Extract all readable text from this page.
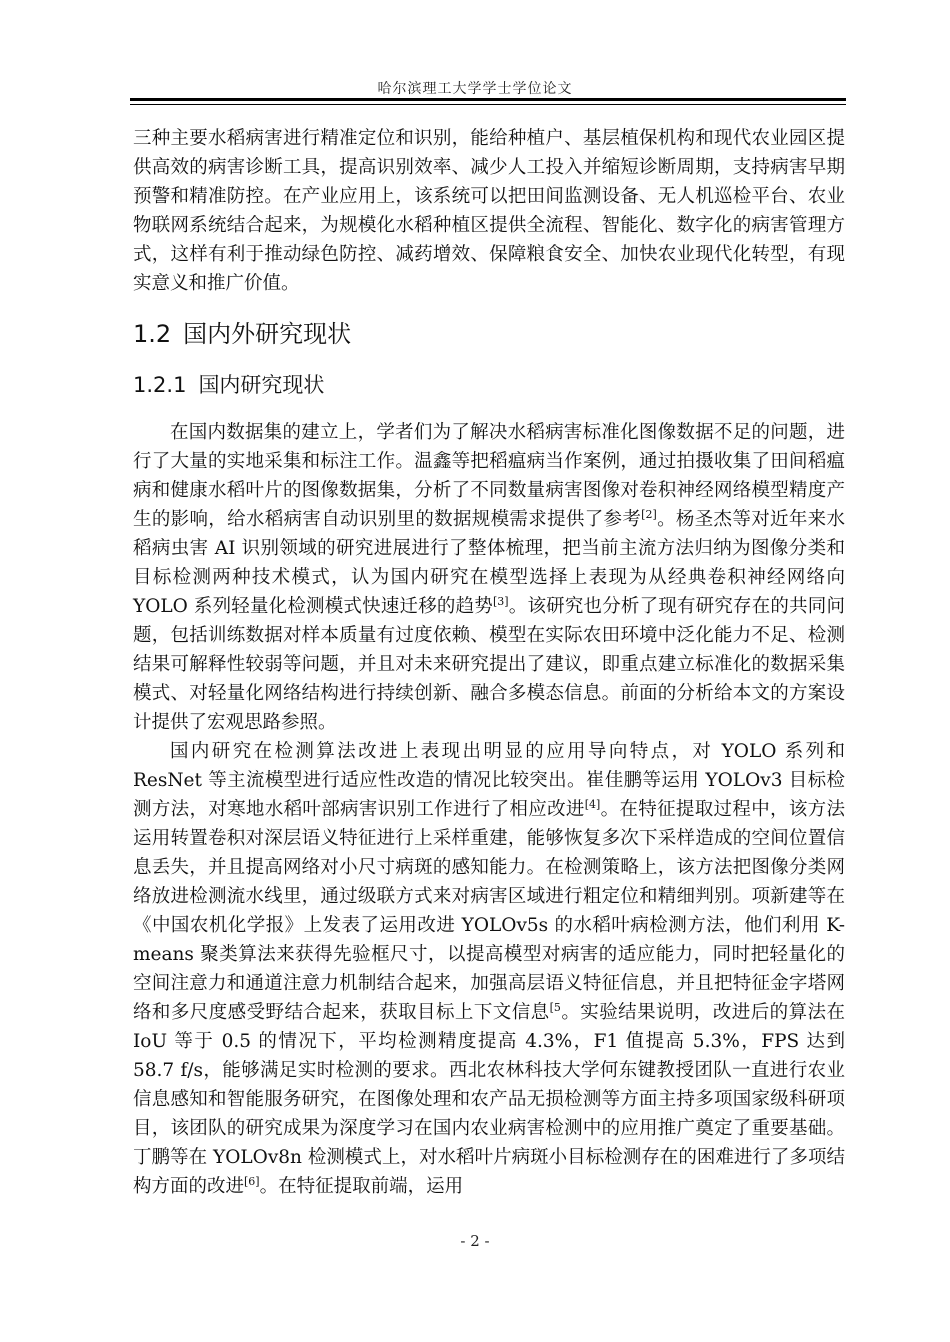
哈尔滨理工大学学士学位论文

三种主要水稻病害进行精准定位和识别，能给种植户、基层植保机构和现代农业园区提供高效的病害诊断工具，提高识别效率、减少人工投入并缩短诊断周期，支持病害早期预警和精准防控。在产业应用上，该系统可以把田间监测设备、无人机巡检平台、农业物联网系统结合起来，为规模化水稻种植区提供全流程、智能化、数字化的病害管理方式，这样有利于推动绿色防控、减药增效、保障粮食安全、加快农业现代化转型，有现实意义和推广价值。

1.2 国内外研究现状
1.2.1 国内研究现状

在国内数据集的建立上，学者们为了解决水稻病害标准化图像数据不足的问题，进行了大量的实地采集和标注工作。温鑫等把稻瘟病当作案例，通过拍摄收集了田间稻瘟病和健康水稻叶片的图像数据集，分析了不同数量病害图像对卷积神经网络模型精度产生的影响，给水稻病害自动识别里的数据规模需求提供了参考[2]。杨圣杰等对近年来水稻病虫害 AI 识别领域的研究进展进行了整体梳理，把当前主流方法归纳为图像分类和目标检测两种技术模式，认为国内研究在模型选择上表现为从经典卷积神经网络向 YOLO 系列轻量化检测模式快速迁移的趋势[3]。该研究也分析了现有研究存在的共同问题，包括训练数据对样本质量有过度依赖、模型在实际农田环境中泛化能力不足、检测结果可解释性较弱等问题，并且对未来研究提出了建议，即重点建立标准化的数据采集模式、对轻量化网络结构进行持续创新、融合多模态信息。前面的分析给本文的方案设计提供了宏观思路参照。

国内研究在检测算法改进上表现出明显的应用导向特点，对 YOLO 系列和 ResNet 等主流模型进行适应性改造的情况比较突出。崔佳鹏等运用 YOLOv3 目标检测方法，对寒地水稻叶部病害识别工作进行了相应改进[4]。在特征提取过程中，该方法运用转置卷积对深层语义特征进行上采样重建，能够恢复多次下采样造成的空间位置信息丢失，并且提高网络对小尺寸病斑的感知能力。在检测策略上，该方法把图像分类网络放进检测流水线里，通过级联方式来对病害区域进行粗定位和精细判别。项新建等在《中国农机化学报》上发表了运用改进 YOLOv5s 的水稻叶病检测方法，他们利用 K-means 聚类算法来获得先验框尺寸，以提高模型对病害的适应能力，同时把轻量化的空间注意力和通道注意力机制结合起来，加强高层语义特征信息，并且把特征金字塔网络和多尺度感受野结合起来，获取目标上下文信息$^{[5}$。实验结果说明，改进后的算法在 IoU 等于 0.5 的情况下，平均检测精度提高 4.3%，F1 值提高 5.3%，FPS 达到 58.7 f/s，能够满足实时检测的要求。西北农林科技大学何东键教授团队一直进行农业信息感知和智能服务研究，在图像处理和农产品无损检测等方面主持多项国家级科研项目，该团队的研究成果为深度学习在国内农业病害检测中的应用推广奠定了重要基础。丁鹏等在 YOLOv8n 检测模式上，对水稻叶片病斑小目标检测存在的困难进行了多项结构方面的改进[6]。在特征提取前端，运用

- 2 -
